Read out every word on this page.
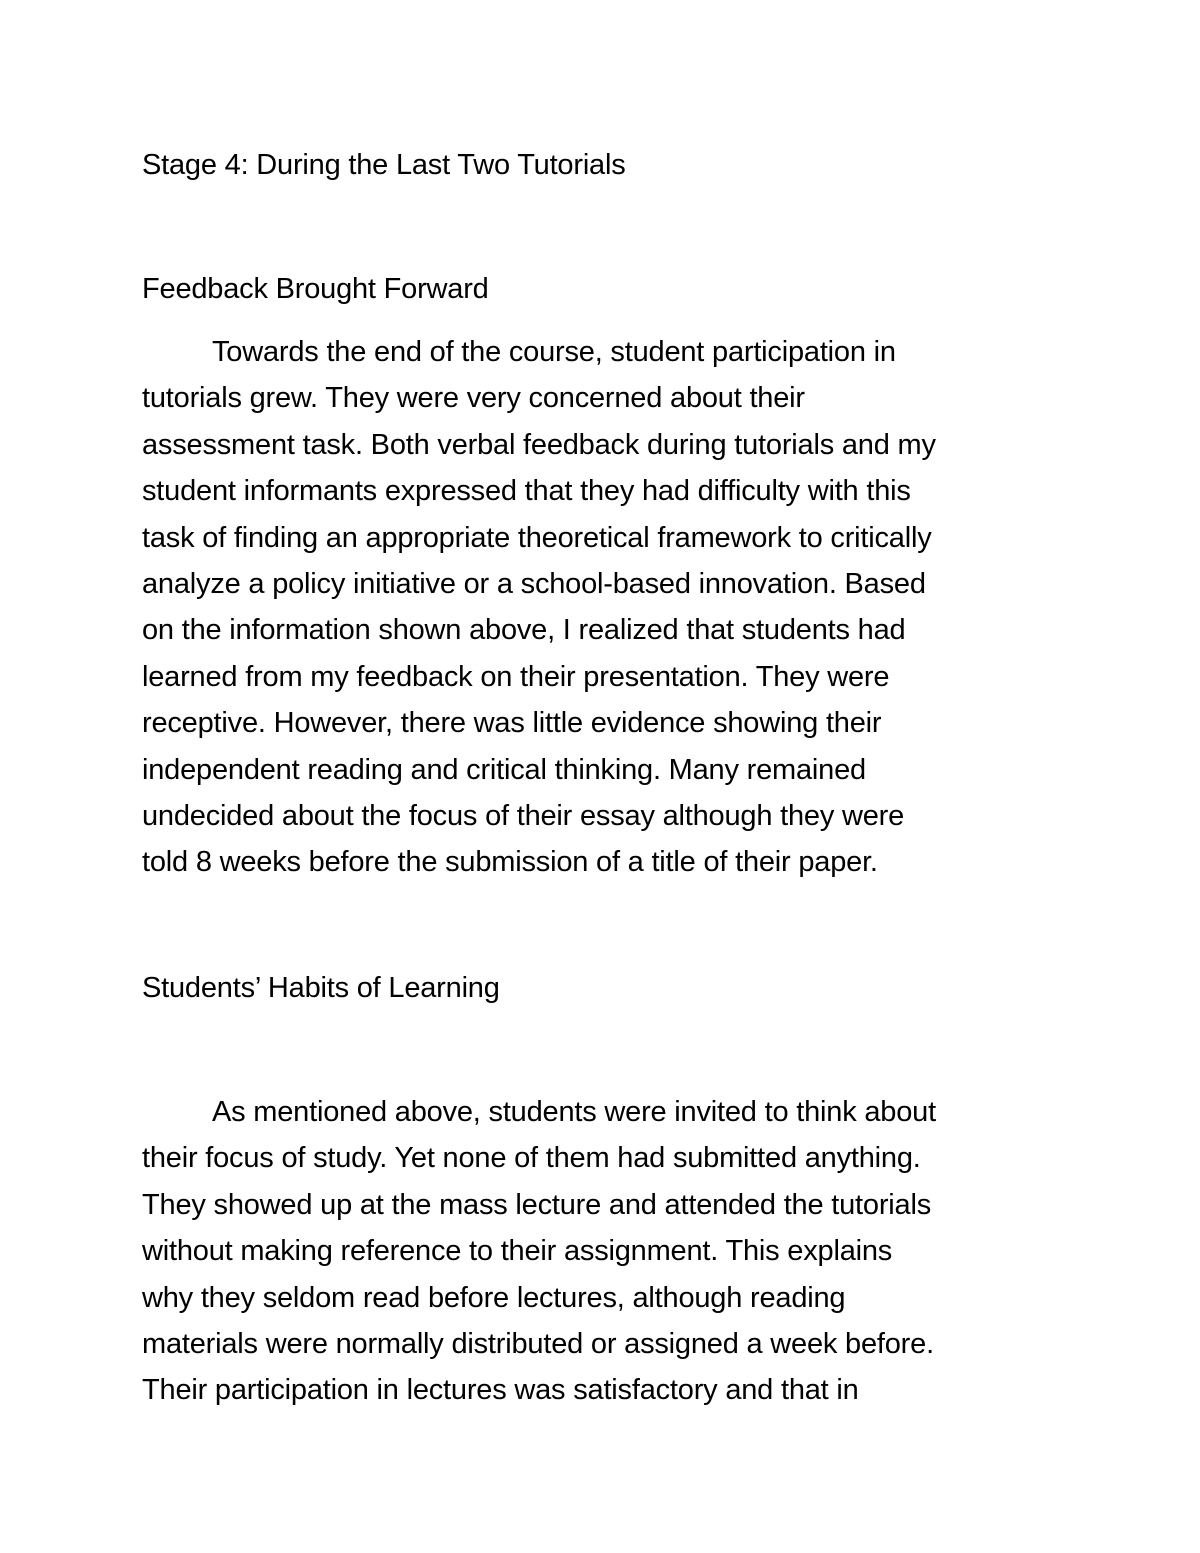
Stage 4: During the Last Two Tutorials
Feedback Brought Forward
Towards the end of the course, student participation in
tutorials grew. They were very concerned about their
assessment task. Both verbal feedback during tutorials and my
student informants expressed that they had difficulty with this
task of finding an appropriate theoretical framework to critically
analyze a policy initiative or a school-based innovation. Based
on the information shown above, I realized that students had
learned from my feedback on their presentation. They were
receptive. However, there was little evidence showing their
independent reading and critical thinking. Many remained
undecided about the focus of their essay although they were
told 8 weeks before the submission of a title of their paper.
Students’ Habits of Learning
As mentioned above, students were invited to think about
their focus of study. Yet none of them had submitted anything.
They showed up at the mass lecture and attended the tutorials
without making reference to their assignment. This explains
why they seldom read before lectures, although reading
materials were normally distributed or assigned a week before.
Their participation in lectures was satisfactory and that in
